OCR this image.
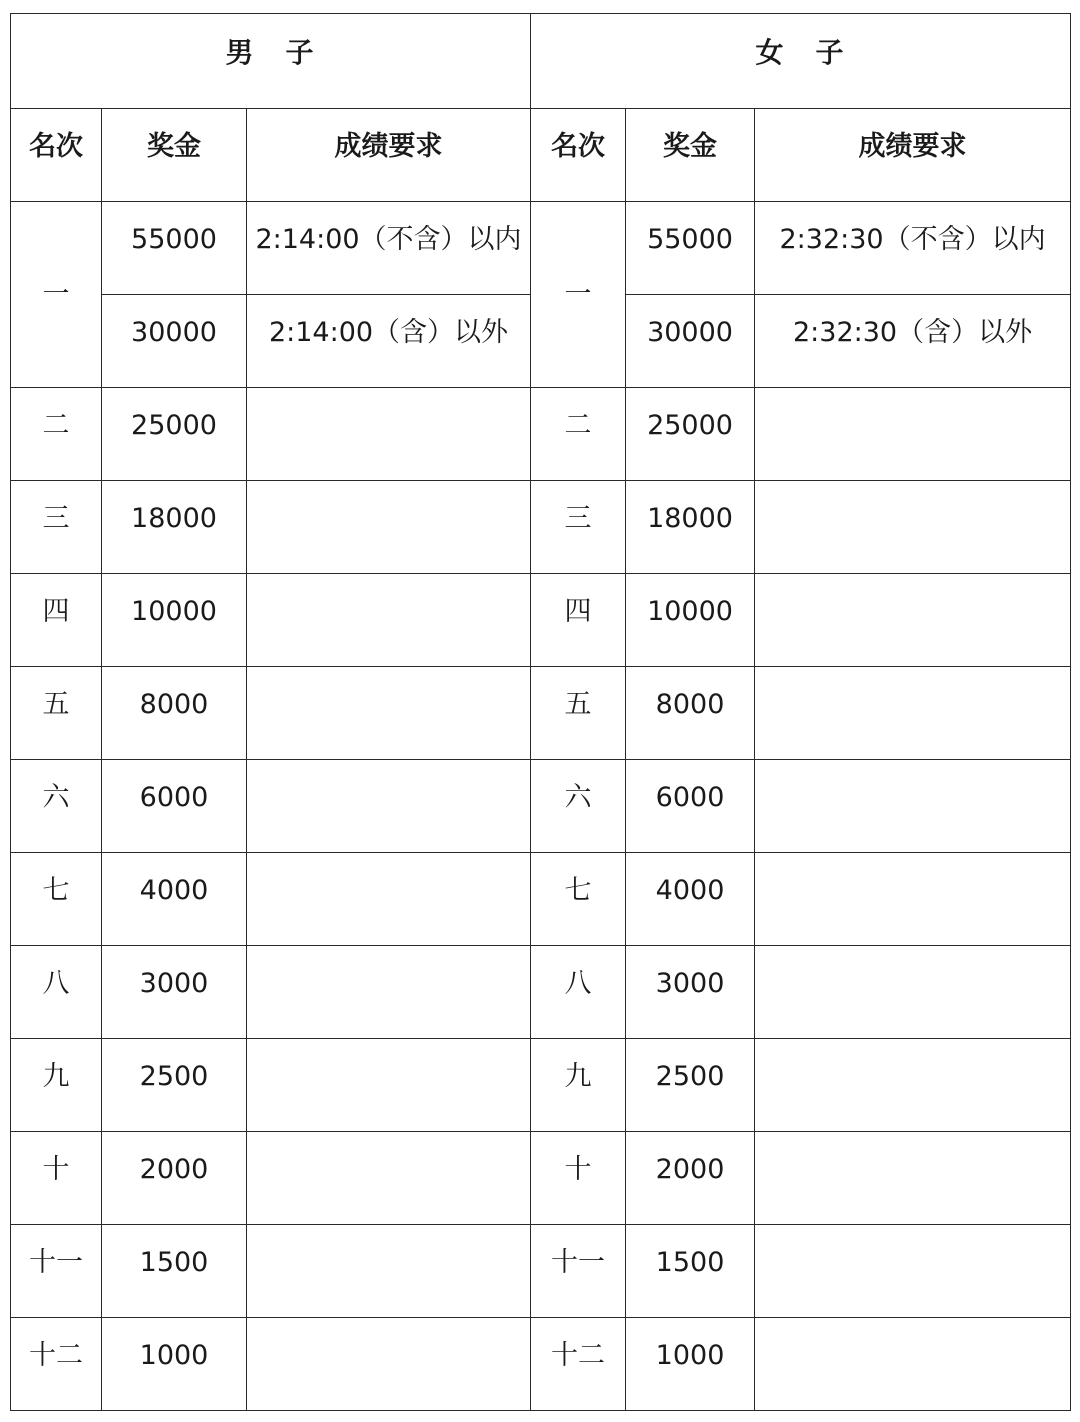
男　子			女　子		

名次	奖金	成绩要求	名次	奖金	成绩要求

一	55000	2:14:00（不含）以内	一	55000	2:32:30（不含）以内

	30000	2:14:00（含）以外		30000	2:32:30（含）以外

二	25000		二	25000	

三	18000		三	18000	

四	10000		四	10000	

五	8000		五	8000	

六	6000		六	6000	

七	4000		七	4000	

八	3000		八	3000	

九	2500		九	2500	

十	2000		十	2000	

十一	1500		十一	1500	

十二	1000		十二	1000	
